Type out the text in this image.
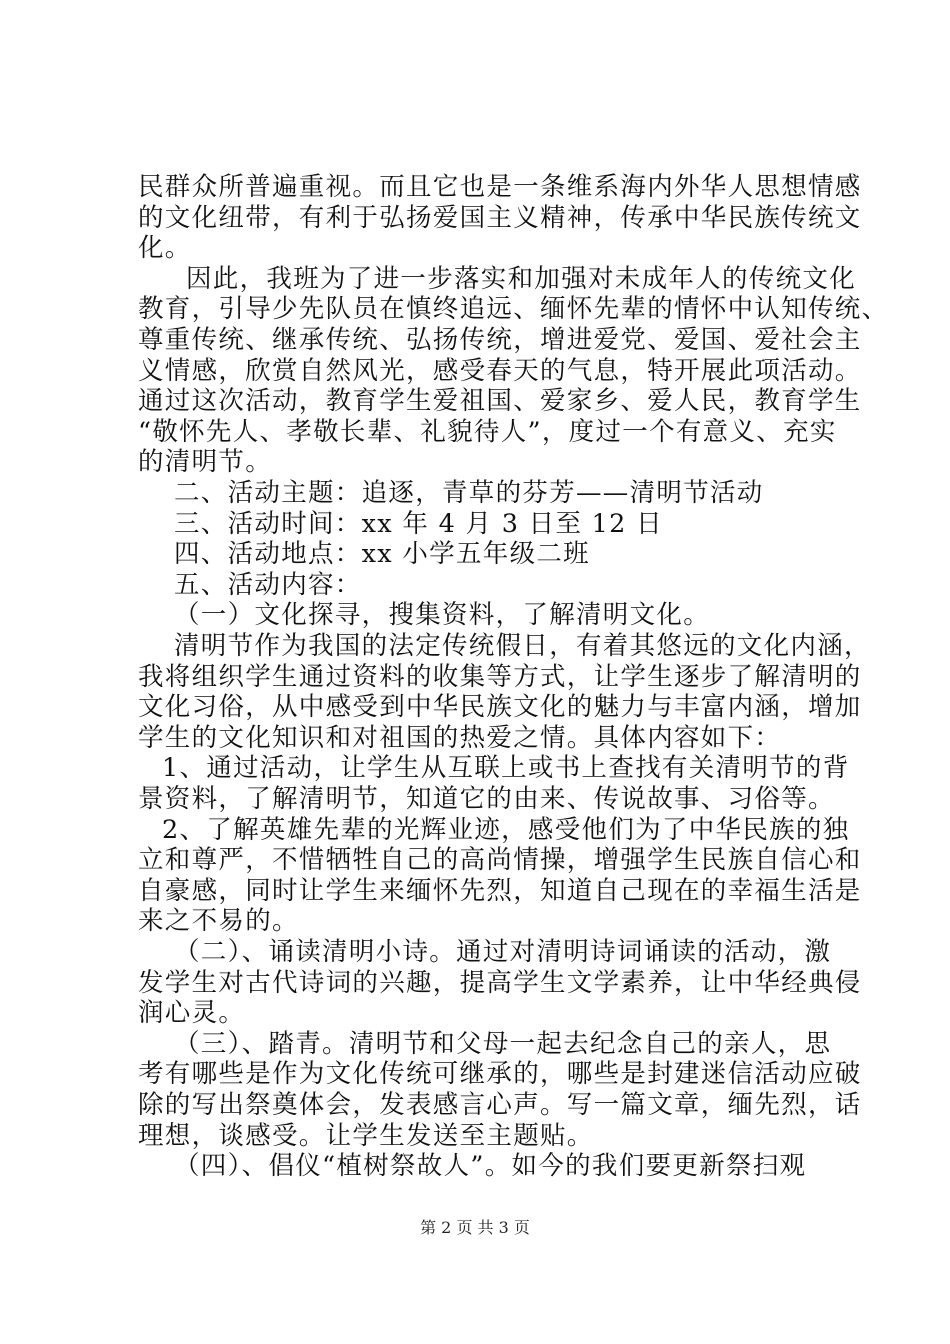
民群众所普遍重视。而且它也是一条维系海内外华人思想情感
的文化纽带，有利于弘扬爱国主义精神，传承中华民族传统文
化。
因此，我班为了进一步落实和加强对未成年人的传统文化
教育，引导少先队员在慎终追远、缅怀先辈的情怀中认知传统、
尊重传统、继承传统、弘扬传统，增进爱党、爱国、爱社会主
义情感，欣赏自然风光，感受春天的气息，特开展此项活动。
通过这次活动，教育学生爱祖国、爱家乡、爱人民，教育学生
“敬怀先人、孝敬长辈、礼貌待人”，度过一个有意义、充实
的清明节。
二、活动主题：追逐，青草的芬芳——清明节活动
三、活动时间：xx 年 4 月 3 日至 12 日
四、活动地点：xx 小学五年级二班
五、活动内容：
（一）文化探寻，搜集资料，了解清明文化。
清明节作为我国的法定传统假日，有着其悠远的文化内涵，
我将组织学生通过资料的收集等方式，让学生逐步了解清明的
文化习俗，从中感受到中华民族文化的魅力与丰富内涵，增加
学生的文化知识和对祖国的热爱之情。具体内容如下：
1、通过活动，让学生从互联上或书上查找有关清明节的背
景资料，了解清明节，知道它的由来、传说故事、习俗等。
2、了解英雄先辈的光辉业迹，感受他们为了中华民族的独
立和尊严，不惜牺牲自己的高尚情操，增强学生民族自信心和
自豪感，同时让学生来缅怀先烈，知道自己现在的幸福生活是
来之不易的。
（二）、诵读清明小诗。通过对清明诗词诵读的活动，激
发学生对古代诗词的兴趣，提高学生文学素养，让中华经典侵
润心灵。
（三）、踏青。清明节和父母一起去纪念自己的亲人，思
考有哪些是作为文化传统可继承的，哪些是封建迷信活动应破
除的写出祭奠体会，发表感言心声。写一篇文章，缅先烈，话
理想，谈感受。让学生发送至主题贴。
（四）、倡仪“植树祭故人”。如今的我们要更新祭扫观
第 2 页 共 3 页
